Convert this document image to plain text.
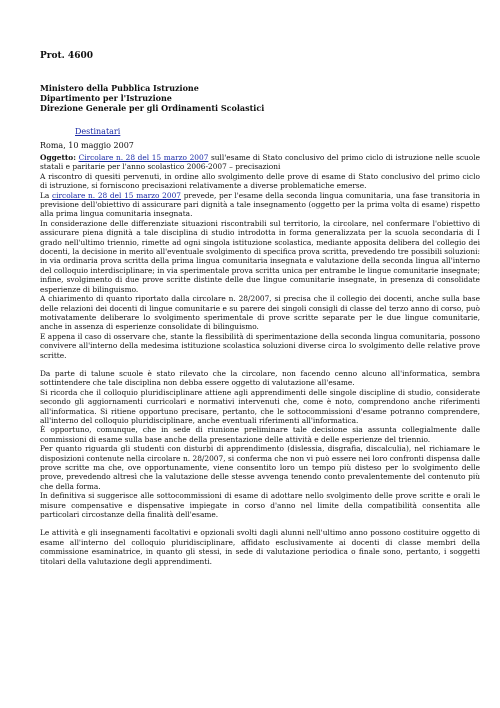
Prot. 4600
Ministero della Pubblica Istruzione
Dipartimento per l'Istruzione
Direzione Generale per gli Ordinamenti Scolastici
Destinatari
Roma, 10 maggio 2007

Oggetto: Circolare n. 28 del 15 marzo 2007 sull'esame di Stato conclusivo del primo ciclo di istruzione nelle scuole statali e paritarie per l'anno scolastico 2006-2007 – precisazioni

A riscontro di quesiti pervenuti, in ordine allo svolgimento delle prove di esame di Stato conclusivo del primo ciclo di istruzione, si forniscono precisazioni relativamente a diverse problematiche emerse.

La circolare n. 28 del 15 marzo 2007 prevede, per l'esame della seconda lingua comunitaria, una fase transitoria in previsione dell'obiettivo di assicurare pari dignità a tale insegnamento (oggetto per la prima volta di esame) rispetto alla prima lingua comunitaria insegnata.

In considerazione delle differenziate situazioni riscontrabili sul territorio, la circolare, nel confermare l'obiettivo di assicurare piena dignità a tale disciplina di studio introdotta in forma generalizzata per la scuola secondaria di I grado nell'ultimo triennio, rimette ad ogni singola istituzione scolastica, mediante apposita delibera del collegio dei docenti, la decisione in merito all'eventuale svolgimento di specifica prova scritta, prevedendo tre possibili soluzioni: in via ordinaria prova scritta della prima lingua comunitaria insegnata e valutazione della seconda lingua all'interno del colloquio interdisciplinare; in via sperimentale prova scritta unica per entrambe le lingue comunitarie insegnate; infine, svolgimento di due prove scritte distinte delle due lingue comunitarie insegnate, in presenza di consolidate esperienze di bilinguismo.

A chiarimento di quanto riportato dalla circolare n. 28/2007, si precisa che il collegio dei docenti, anche sulla base delle relazioni dei docenti di lingue comunitarie e su parere dei singoli consigli di classe del terzo anno di corso, può motivatamente deliberare lo svolgimento sperimentale di prove scritte separate per le due lingue comunitarie, anche in assenza di esperienze consolidate di bilinguismo.

E appena il caso di osservare che, stante la flessibilità di sperimentazione della seconda lingua comunitaria, possono convivere all'interno della medesima istituzione scolastica soluzioni diverse circa lo svolgimento delle relative prove scritte.

Da parte di talune scuole è stato rilevato che la circolare, non facendo cenno alcuno all'informatica, sembra sottintendere che tale disciplina non debba essere oggetto di valutazione all'esame.

Si ricorda che il colloquio pluridisciplinare attiene agli apprendimenti delle singole discipline di studio, considerate secondo gli aggiornamenti curricolari e normativi intervenuti che, come è noto, comprendono anche riferimenti all'informatica. Si ritiene opportuno precisare, pertanto, che le sottocommissioni d'esame potranno comprendere, all'interno del colloquio pluridisciplinare, anche eventuali riferimenti all'informatica.

È opportuno, comunque, che in sede di riunione preliminare tale decisione sia assunta collegialmente dalle commissioni di esame sulla base anche della presentazione delle attività e delle esperienze del triennio.

Per quanto riguarda gli studenti con disturbi di apprendimento (dislessia, disgrafia, discalculia), nel richiamare le disposizioni contenute nella circolare n. 28/2007, si conferma che non vi può essere nei loro confronti dispensa dalle prove scritte ma che, ove opportunamente, viene consentito loro un tempo più disteso per lo svolgimento delle prove, prevedendo altresì che la valutazione delle stesse avvenga tenendo conto prevalentemente del contenuto più che della forma.

In definitiva si suggerisce alle sottocommissioni di esame di adottare nello svolgimento delle prove scritte e orali le misure compensative e dispensative impiegate in corso d'anno nel limite della compatibilità consentita alle particolari circostanze della finalità dell'esame.

Le attività e gli insegnamenti facoltativi e opzionali svolti dagli alunni nell'ultimo anno possono costituire oggetto di esame all'interno del colloquio pluridisciplinare, affidato esclusivamente ai docenti di classe membri della commissione esaminatrice, in quanto gli stessi, in sede di valutazione periodica o finale sono, pertanto, i soggetti titolari della valutazione degli apprendimenti.
